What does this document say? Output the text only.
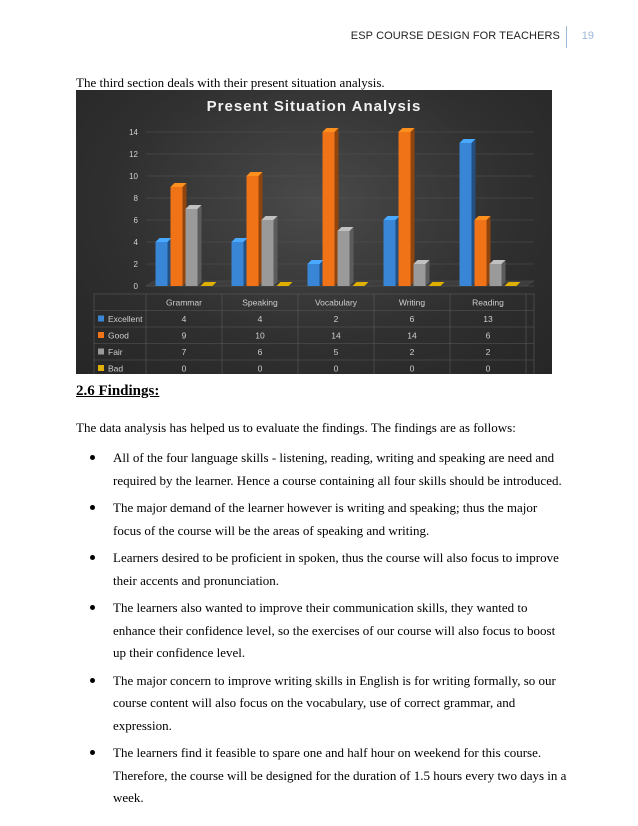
ESP COURSE DESIGN FOR TEACHERS 19
The third section deals with their present situation analysis.
0
2
4
6
8
10
12
14
Grammar	Speaking	Vocabulary	Writing	Reading
Excellent	4	4	2	6	13
Good	9	10	14	14	6
Fair	7	6	5	2	2
Bad	0	0	0	0	0
Present Situation Analysis
2.6 Findings:
The data analysis has helped us to evaluate the findings. The findings are as follows:
All of the four language skills - listening, reading, writing and speaking are need and required by the learner. Hence a course containing all four skills should be introduced.
The major demand of the learner however is writing and speaking; thus the major focus of the course will be the areas of speaking and writing.
Learners desired to be proficient in spoken, thus the course will also focus to improve their accents and pronunciation.
The learners also wanted to improve their communication skills, they wanted to enhance their confidence level, so the exercises of our course will also focus to boost up their confidence level.
The major concern to improve writing skills in English is for writing formally, so our course content will also focus on the vocabulary, use of correct grammar, and expression.
The learners find it feasible to spare one and half hour on weekend for this course. Therefore, the course will be designed for the duration of 1.5 hours every two days in a week.
